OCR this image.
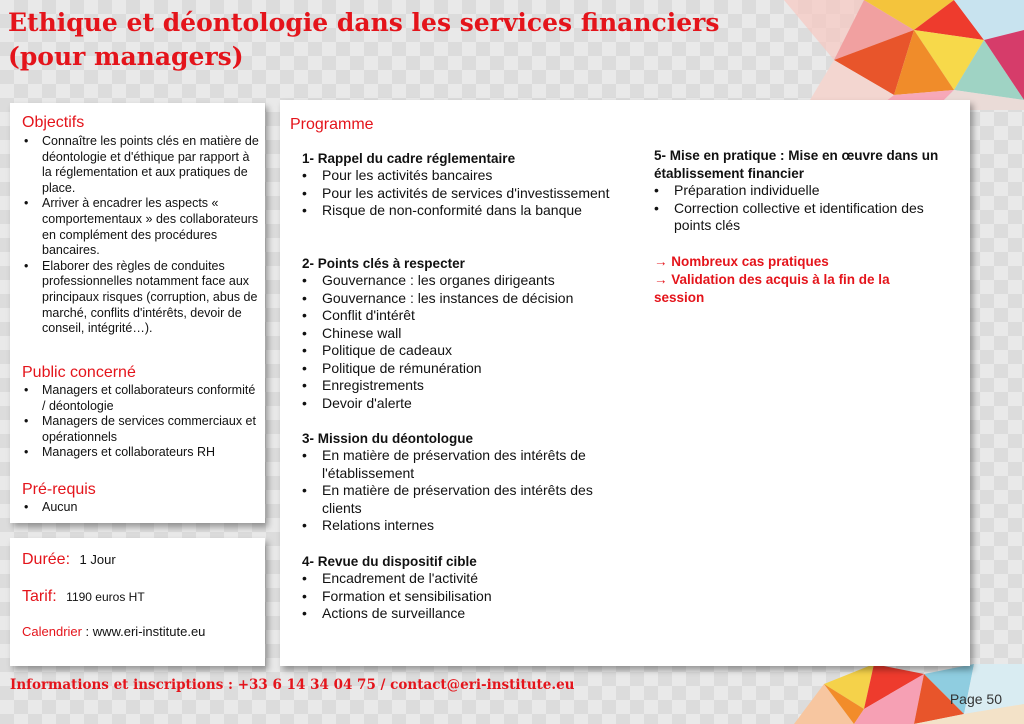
Ethique et déontologie dans les services financiers (pour managers)
Objectifs
• Connaître les points clés en matière de déontologie et d'éthique par rapport à la réglementation et aux pratiques de place.
• Arriver à encadrer les aspects « comportementaux » des collaborateurs en complément des procédures bancaires.
• Elaborer des règles de conduites professionnelles notamment face aux principaux risques (corruption, abus de marché, conflits d'intérêts, devoir de conseil, intégrité…).
Public concerné
• Managers et collaborateurs conformité / déontologie
• Managers de services commerciaux et opérationnels
• Managers et collaborateurs RH
Pré-requis
• Aucun
Durée: 1 Jour
Tarif: 1190 euros HT
Calendrier : www.eri-institute.eu
Programme
1- Rappel du cadre réglementaire
• Pour les activités bancaires
• Pour les activités de services d'investissement
• Risque de non-conformité dans la banque
2- Points clés à respecter
• Gouvernance : les organes dirigeants
• Gouvernance : les instances de décision
• Conflit d'intérêt
• Chinese wall
• Politique de cadeaux
• Politique de rémunération
• Enregistrements
• Devoir d'alerte
3- Mission du déontologue
• En matière de préservation des intérêts de l'établissement
• En matière de préservation des intérêts des clients
• Relations internes
4- Revue du dispositif cible
• Encadrement de l'activité
• Formation et sensibilisation
• Actions de surveillance
5- Mise en pratique : Mise en œuvre dans un établissement financier
• Préparation individuelle
• Correction collective et identification des points clés
→ Nombreux cas pratiques
→ Validation des acquis à la fin de la session
Informations et inscriptions : +33 6 14 34 04 75 / contact@eri-institute.eu
Page 50
